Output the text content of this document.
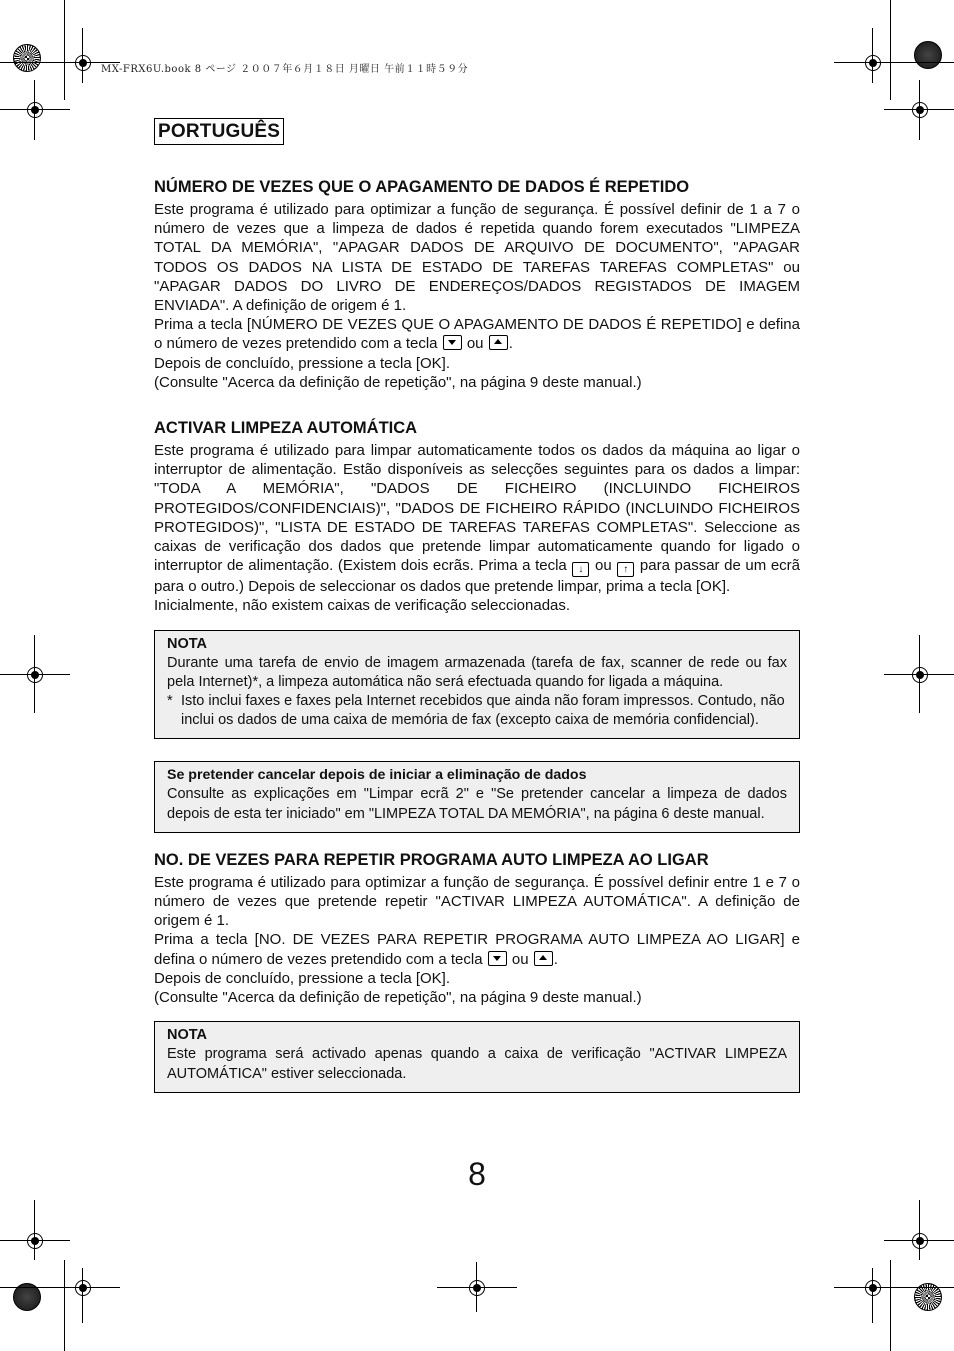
MX-FRX6U.book 8 ページ ２００７年６月１８日 月曜日 午前１１時５９分
PORTUGUÊS
NÚMERO DE VEZES QUE O APAGAMENTO DE DADOS É REPETIDO

Este programa é utilizado para optimizar a função de segurança. É possível definir de 1 a 7 o número de vezes que a limpeza de dados é repetida quando forem executados "LIMPEZA TOTAL DA MEMÓRIA", "APAGAR DADOS DE ARQUIVO DE DOCUMENTO", "APAGAR TODOS OS DADOS NA LISTA DE ESTADO DE TAREFAS TAREFAS COMPLETAS" ou "APAGAR DADOS DO LIVRO DE ENDEREÇOS/DADOS REGISTADOS DE IMAGEM ENVIADA". A definição de origem é 1.

Prima a tecla [NÚMERO DE VEZES QUE O APAGAMENTO DE DADOS É REPETIDO] e defina o número de vezes pretendido com a tecla ou .

Depois de concluído, pressione a tecla [OK].

(Consulte "Acerca da definição de repetição", na página 9 deste manual.)

ACTIVAR LIMPEZA AUTOMÁTICA

Este programa é utilizado para limpar automaticamente todos os dados da máquina ao ligar o interruptor de alimentação. Estão disponíveis as selecções seguintes para os dados a limpar: "TODA A MEMÓRIA", "DADOS DE FICHEIRO (INCLUINDO FICHEIROS PROTEGIDOS/CONFIDENCIAIS)", "DADOS DE FICHEIRO RÁPIDO (INCLUINDO FICHEIROS PROTEGIDOS)", "LISTA DE ESTADO DE TAREFAS TAREFAS COMPLETAS". Seleccione as caixas de verificação dos dados que pretende limpar automaticamente quando for ligado o interruptor de alimentação. (Existem dois ecrãs. Prima a tecla ↓ ou ↑ para passar de um ecrã para o outro.) Depois de seleccionar os dados que pretende limpar, prima a tecla [OK].

Inicialmente, não existem caixas de verificação seleccionadas.

NOTA

Durante uma tarefa de envio de imagem armazenada (tarefa de fax, scanner de rede ou fax pela Internet)*, a limpeza automática não será efectuada quando for ligada a máquina.

* Isto inclui faxes e faxes pela Internet recebidos que ainda não foram impressos. Contudo, não inclui os dados de uma caixa de memória de fax (excepto caixa de memória confidencial).
Se pretender cancelar depois de iniciar a eliminação de dados

Consulte as explicações em "Limpar ecrã 2" e "Se pretender cancelar a limpeza de dados depois de esta ter iniciado" em "LIMPEZA TOTAL DA MEMÓRIA", na página 6 deste manual.

NO. DE VEZES PARA REPETIR PROGRAMA AUTO LIMPEZA AO LIGAR

Este programa é utilizado para optimizar a função de segurança. É possível definir entre 1 e 7 o número de vezes que pretende repetir "ACTIVAR LIMPEZA AUTOMÁTICA". A definição de origem é 1.

Prima a tecla [NO. DE VEZES PARA REPETIR PROGRAMA AUTO LIMPEZA AO LIGAR] e defina o número de vezes pretendido com a tecla ou .

Depois de concluído, pressione a tecla [OK].

(Consulte "Acerca da definição de repetição", na página 9 deste manual.)

NOTA

Este programa será activado apenas quando a caixa de verificação "ACTIVAR LIMPEZA AUTOMÁTICA" estiver seleccionada.

8
